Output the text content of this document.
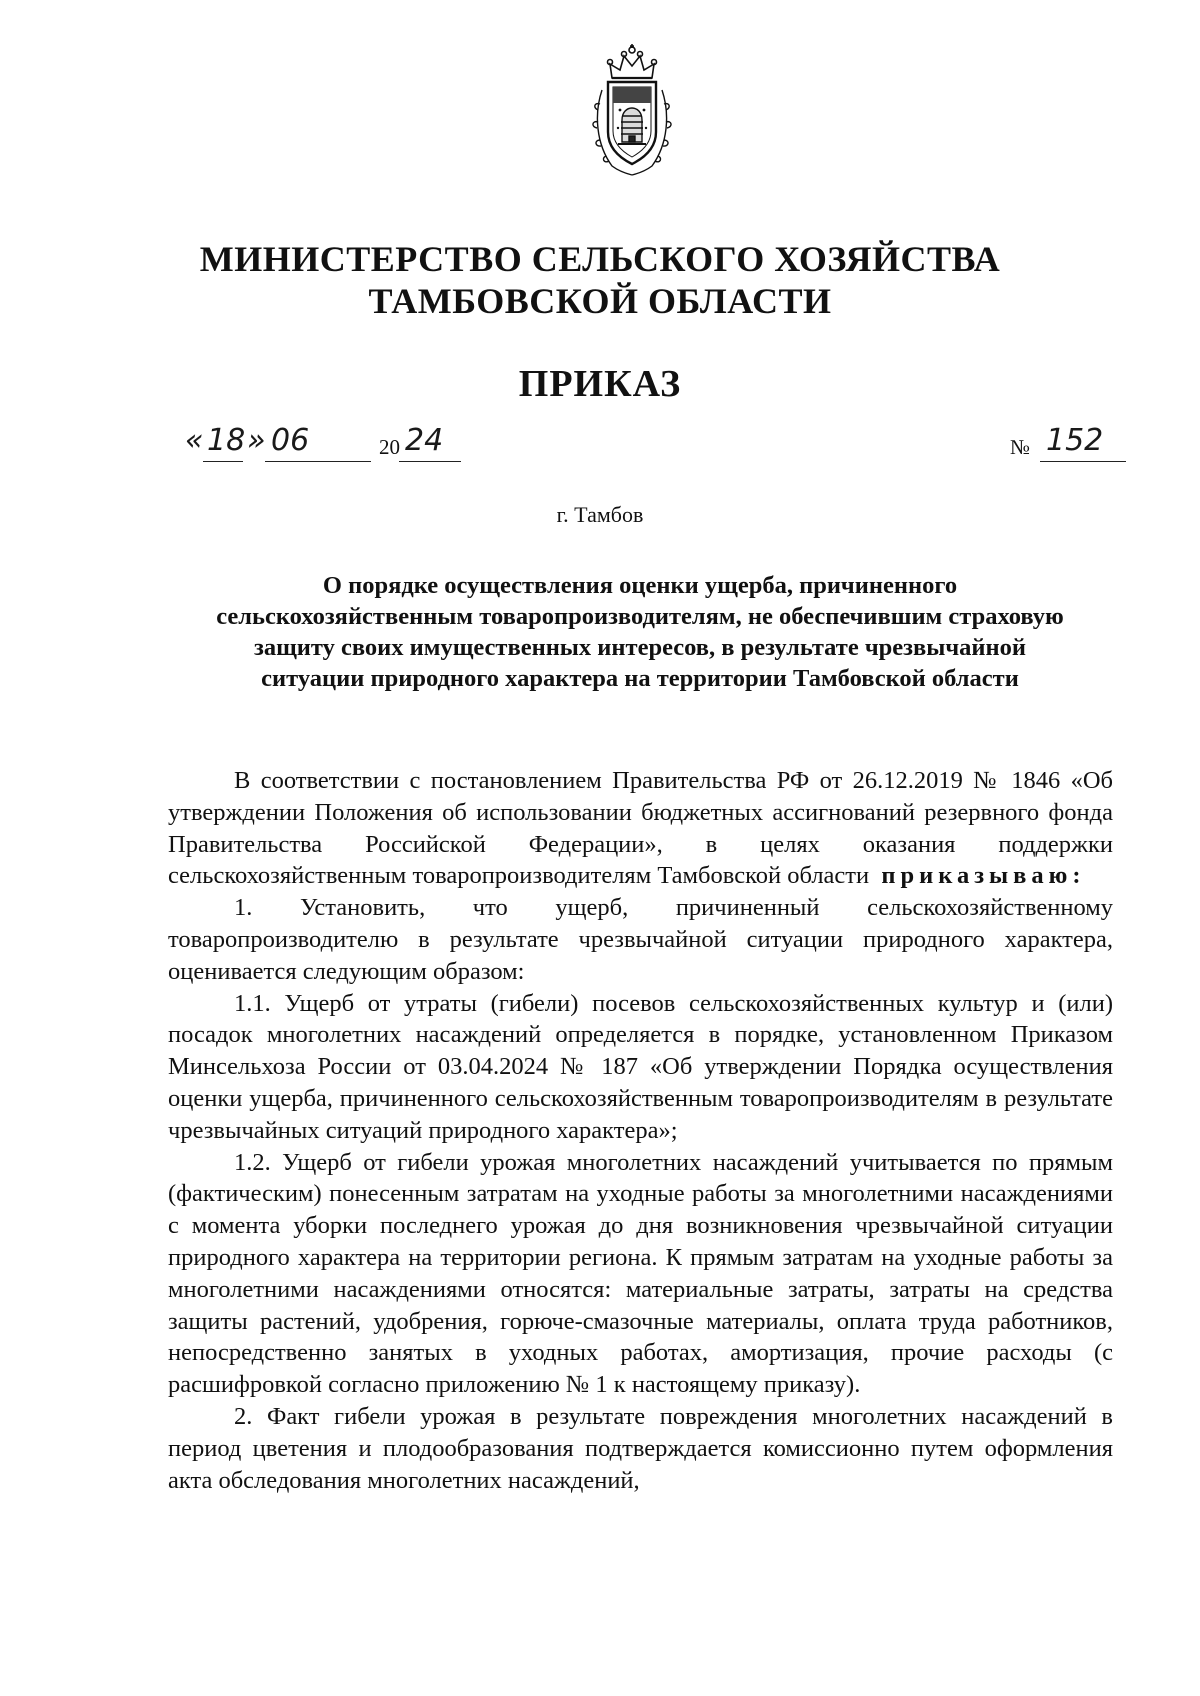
МИНИСТЕРСТВО СЕЛЬСКОГО ХОЗЯЙСТВА
ТАМБОВСКОЙ ОБЛАСТИ
ПРИКАЗ
« 18 » 06	20 24	№ 152
г. Тамбов
О порядке осуществления оценки ущерба, причиненного сельскохозяйственным товаропроизводителям, не обеспечившим страховую защиту своих имущественных интересов, в результате чрезвычайной ситуации природного характера на территории Тамбовской области

В соответствии с постановлением Правительства РФ от 26.12.2019 № 1846 «Об утверждении Положения об использовании бюджетных ассигнований резервного фонда Правительства Российской Федерации», в целях оказания поддержки сельскохозяйственным товаропроизводителям Тамбовской области приказываю:

1. Установить, что ущерб, причиненный сельскохозяйственному товаропроизводителю в результате чрезвычайной ситуации природного характера, оценивается следующим образом:

1.1. Ущерб от утраты (гибели) посевов сельскохозяйственных культур и (или) посадок многолетних насаждений определяется в порядке, установленном Приказом Минсельхоза России от 03.04.2024 № 187 «Об утверждении Порядка осуществления оценки ущерба, причиненного сельскохозяйственным товаропроизводителям в результате чрезвычайных ситуаций природного характера»;

1.2. Ущерб от гибели урожая многолетних насаждений учитывается по прямым (фактическим) понесенным затратам на уходные работы за многолетними насаждениями с момента уборки последнего урожая до дня возникновения чрезвычайной ситуации природного характера на территории региона. К прямым затратам на уходные работы за многолетними насаждениями относятся: материальные затраты, затраты на средства защиты растений, удобрения, горюче-смазочные материалы, оплата труда работников, непосредственно занятых в уходных работах, амортизация, прочие расходы (с расшифровкой согласно приложению № 1 к настоящему приказу).

2. Факт гибели урожая в результате повреждения многолетних насаждений в период цветения и плодообразования подтверждается комиссионно путем оформления акта обследования многолетних насаждений,
